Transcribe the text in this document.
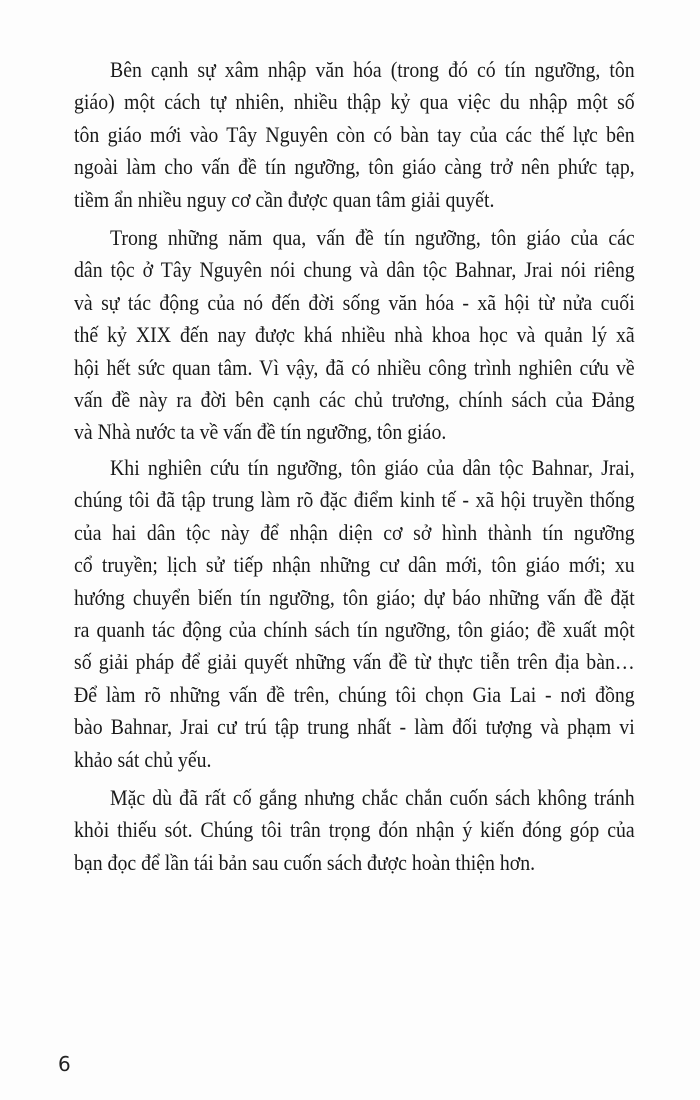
Bên cạnh sự xâm nhập văn hóa (trong đó có tín ngưỡng, tôn
giáo) một cách tự nhiên, nhiều thập kỷ qua việc du nhập một số
tôn giáo mới vào Tây Nguyên còn có bàn tay của các thế lực bên
ngoài làm cho vấn đề tín ngưỡng, tôn giáo càng trở nên phức tạp,
tiềm ẩn nhiều nguy cơ cần được quan tâm giải quyết.
Trong những năm qua, vấn đề tín ngưỡng, tôn giáo của các
dân tộc ở Tây Nguyên nói chung và dân tộc Bahnar, Jrai nói riêng
và sự tác động của nó đến đời sống văn hóa - xã hội từ nửa cuối
thế kỷ XIX đến nay được khá nhiều nhà khoa học và quản lý xã
hội hết sức quan tâm. Vì vậy, đã có nhiều công trình nghiên cứu về
vấn đề này ra đời bên cạnh các chủ trương, chính sách của Đảng
và Nhà nước ta về vấn đề tín ngưỡng, tôn giáo.
Khi nghiên cứu tín ngưỡng, tôn giáo của dân tộc Bahnar, Jrai,
chúng tôi đã tập trung làm rõ đặc điểm kinh tế - xã hội truyền thống
của hai dân tộc này để nhận diện cơ sở hình thành tín ngưỡng
cổ truyền; lịch sử tiếp nhận những cư dân mới, tôn giáo mới; xu
hướng chuyển biến tín ngưỡng, tôn giáo; dự báo những vấn đề đặt
ra quanh tác động của chính sách tín ngưỡng, tôn giáo; đề xuất một
số giải pháp để giải quyết những vấn đề từ thực tiễn trên địa bàn…
Để làm rõ những vấn đề trên, chúng tôi chọn Gia Lai - nơi đồng
bào Bahnar, Jrai cư trú tập trung nhất - làm đối tượng và phạm vi
khảo sát chủ yếu.
Mặc dù đã rất cố gắng nhưng chắc chắn cuốn sách không tránh
khỏi thiếu sót. Chúng tôi trân trọng đón nhận ý kiến đóng góp của
bạn đọc để lần tái bản sau cuốn sách được hoàn thiện hơn.
6
